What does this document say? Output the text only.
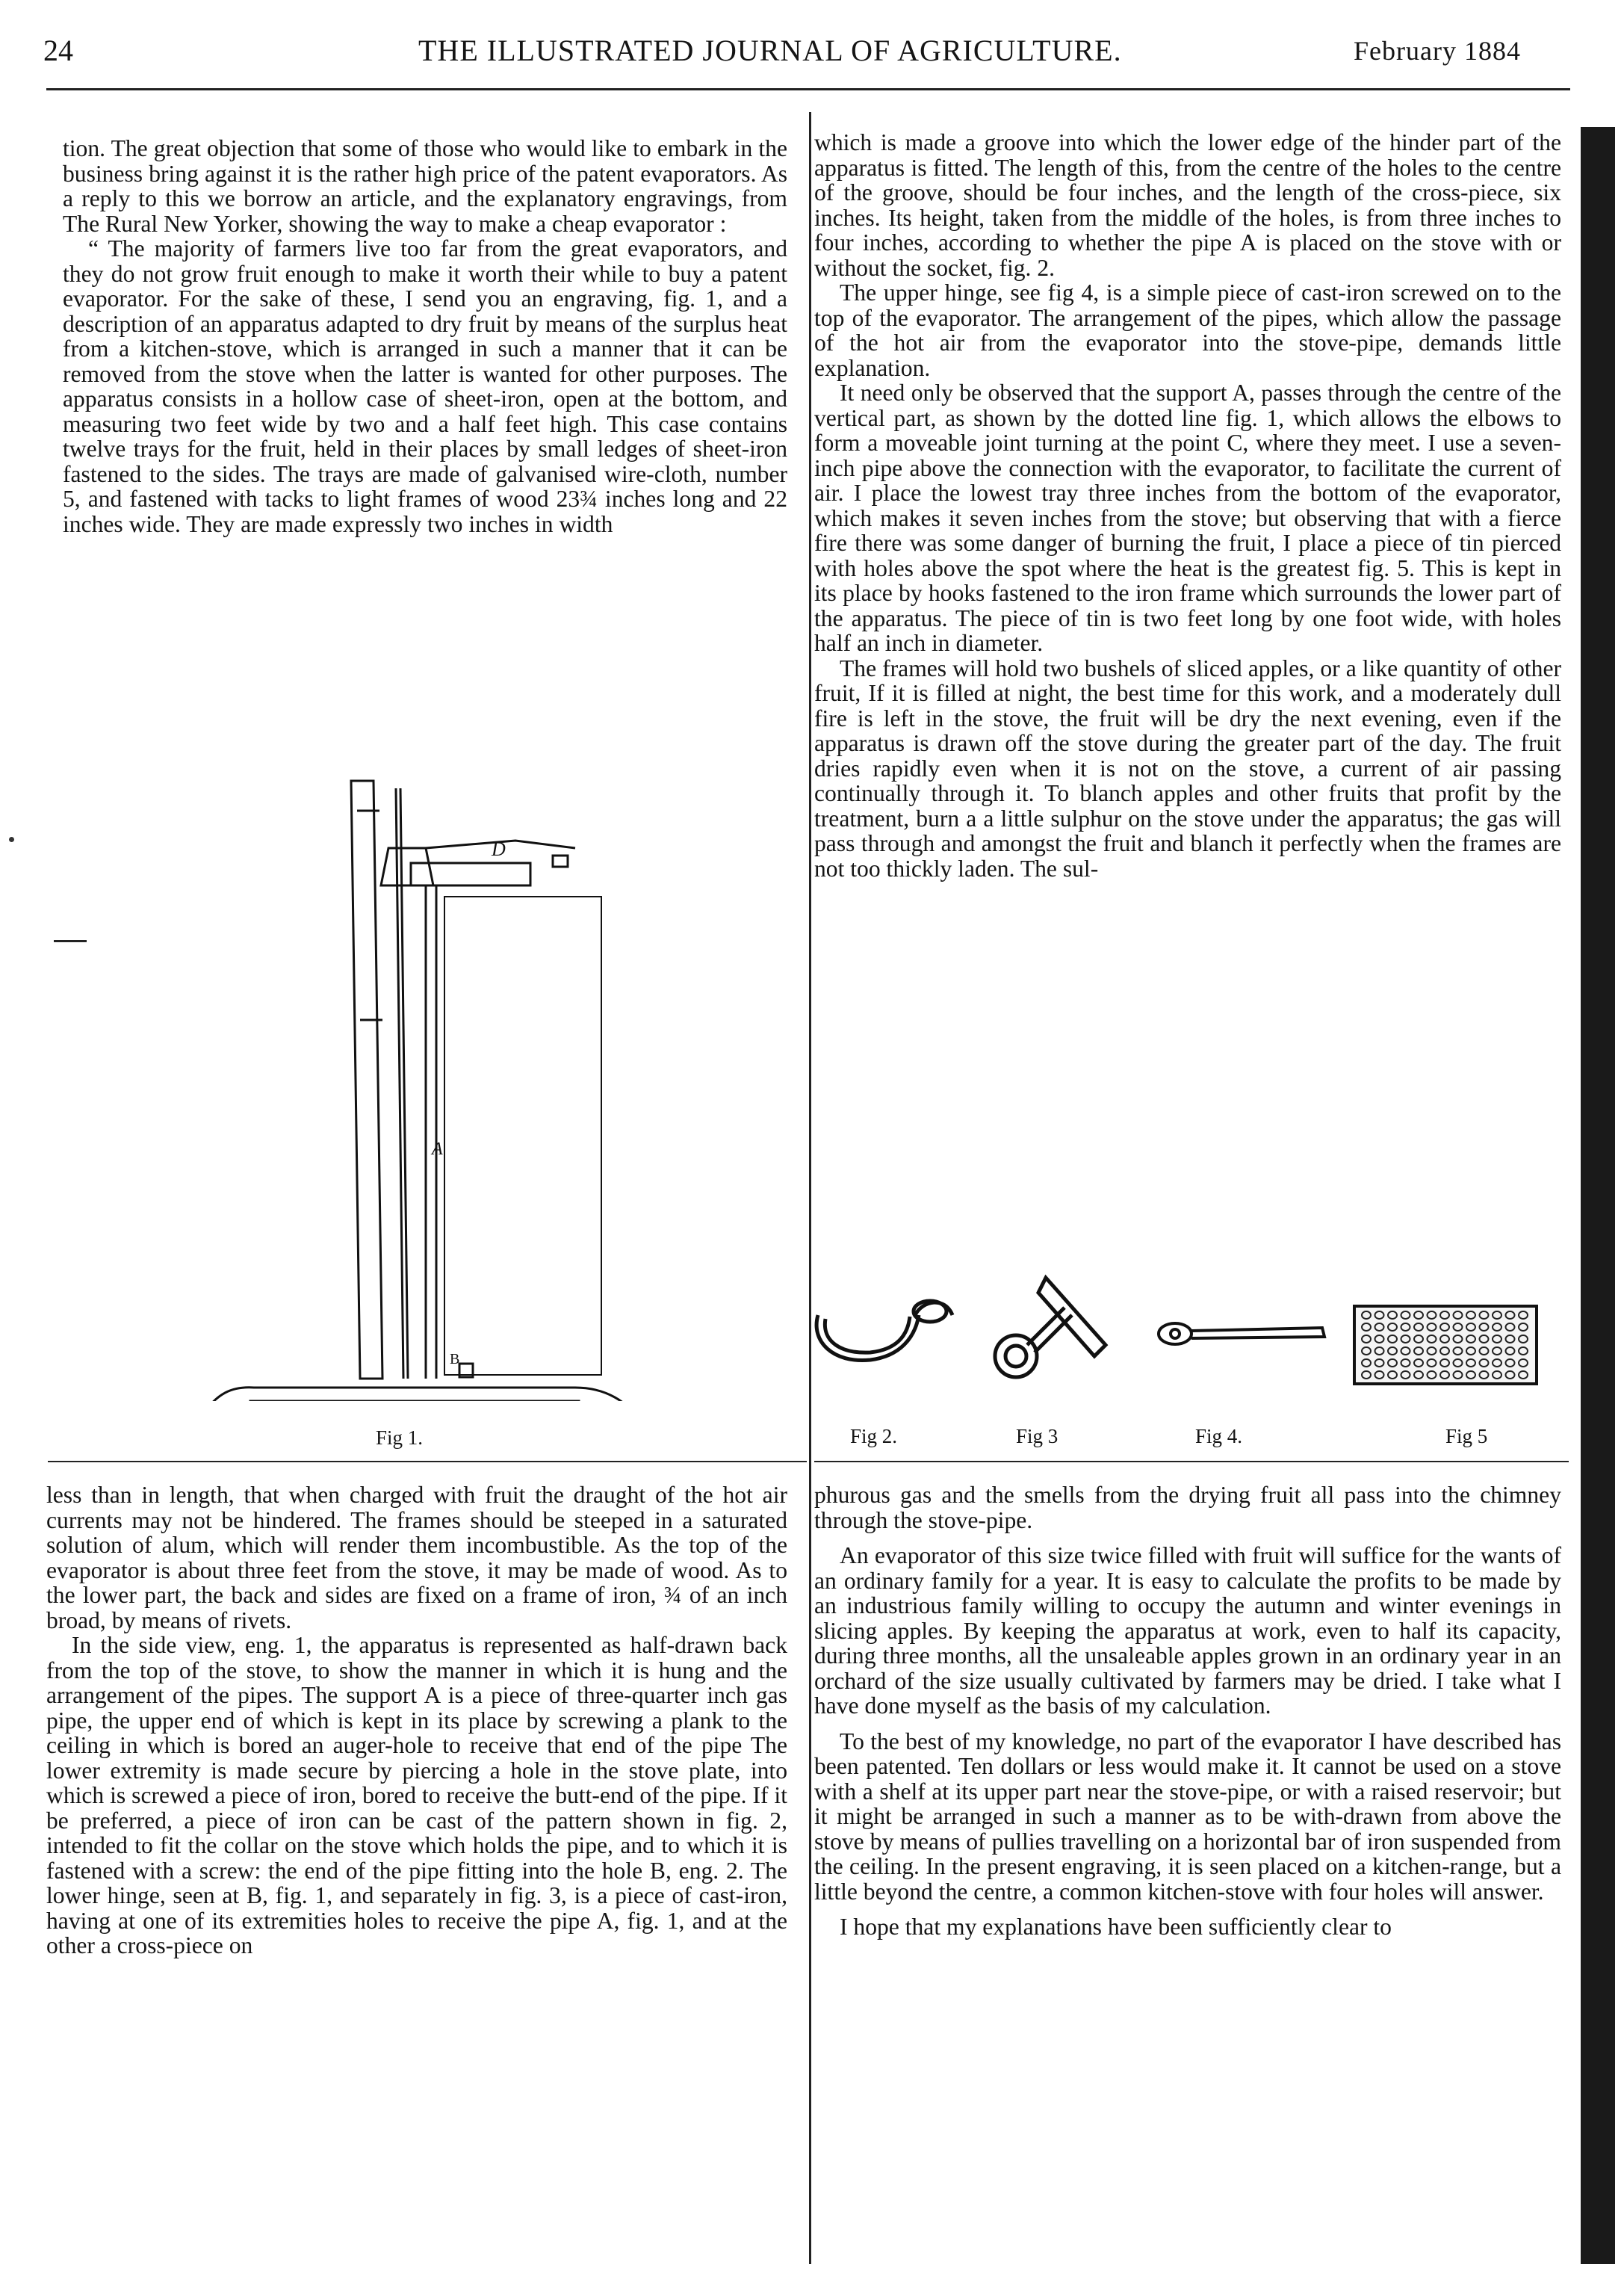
24	THE ILLUSTRATED JOURNAL OF AGRICULTURE.	February 1884

tion. The great objection that some of those who would like to embark in the business bring against it is the rather high price of the patent evaporators. As a reply to this we borrow an article, and the explanatory engravings, from The Rural New Yorker, showing the way to make a cheap evaporator :

“ The majority of farmers live too far from the great evaporators, and they do not grow fruit enough to make it worth their while to buy a patent evaporator. For the sake of these, I send you an engraving, fig. 1, and a description of an apparatus adapted to dry fruit by means of the surplus heat from a kitchen-stove, which is arranged in such a manner that it can be removed from the stove when the latter is wanted for other purposes. The apparatus consists in a hollow case of sheet-iron, open at the bottom, and measuring two feet wide by two and a half feet high. This case contains twelve trays for the fruit, held in their places by small ledges of sheet-iron fastened to the sides. The trays are made of galvanised wire-cloth, number 5, and fastened with tacks to light frames of wood 23¾ inches long and 22 inches wide. They are made expressly two inches in width

D
A
B
Fig 1.

less than in length, that when charged with fruit the draught of the hot air currents may not be hindered. The frames should be steeped in a saturated solution of alum, which will render them incombustible. As the top of the evaporator is about three feet from the stove, it may be made of wood. As to the lower part, the back and sides are fixed on a frame of iron, ¾ of an inch broad, by means of rivets.

In the side view, eng. 1, the apparatus is represented as half-drawn back from the top of the stove, to show the manner in which it is hung and the arrangement of the pipes. The support A is a piece of three-quarter inch gas pipe, the upper end of which is kept in its place by screwing a plank to the ceiling in which is bored an auger-hole to receive that end of the pipe The lower extremity is made secure by piercing a hole in the stove plate, into which is screwed a piece of iron, bored to receive the butt-end of the pipe. If it be preferred, a piece of iron can be cast of the pattern shown in fig. 2, intended to fit the collar on the stove which holds the pipe, and to which it is fastened with a screw: the end of the pipe fitting into the hole B, eng. 2. The lower hinge, seen at B, fig. 1, and separately in fig. 3, is a piece of cast-iron, having at one of its extremities holes to receive the pipe A, fig. 1, and at the other a cross-piece on

which is made a groove into which the lower edge of the hinder part of the apparatus is fitted. The length of this, from the centre of the holes to the centre of the groove, should be four inches, and the length of the cross-piece, six inches. Its height, taken from the middle of the holes, is from three inches to four inches, according to whether the pipe A is placed on the stove with or without the socket, fig. 2.

The upper hinge, see fig 4, is a simple piece of cast-iron screwed on to the top of the evaporator. The arrangement of the pipes, which allow the passage of the hot air from the evaporator into the stove-pipe, demands little explanation.

It need only be observed that the support A, passes through the centre of the vertical part, as shown by the dotted line fig. 1, which allows the elbows to form a moveable joint turning at the point C, where they meet. I use a seven-inch pipe above the connection with the evaporator, to facilitate the current of air. I place the lowest tray three inches from the bottom of the evaporator, which makes it seven inches from the stove; but observing that with a fierce fire there was some danger of burning the fruit, I place a piece of tin pierced with holes above the spot where the heat is the greatest fig. 5. This is kept in its place by hooks fastened to the iron frame which surrounds the lower part of the apparatus. The piece of tin is two feet long by one foot wide, with holes half an inch in diameter.

The frames will hold two bushels of sliced apples, or a like quantity of other fruit, If it is filled at night, the best time for this work, and a moderately dull fire is left in the stove, the fruit will be dry the next evening, even if the apparatus is drawn off the stove during the greater part of the day. The fruit dries rapidly even when it is not on the stove, a current of air passing continually through it. To blanch apples and other fruits that profit by the treatment, burn a a little sulphur on the stove under the apparatus; the gas will pass through and amongst the fruit and blanch it perfectly when the frames are not too thickly laden. The sul-

Fig 2.	Fig 3	Fig 4.	Fig 5

phurous gas and the smells from the drying fruit all pass into the chimney through the stove-pipe.

An evaporator of this size twice filled with fruit will suffice for the wants of an ordinary family for a year. It is easy to calculate the profits to be made by an industrious family willing to occupy the autumn and winter evenings in slicing apples. By keeping the apparatus at work, even to half its capacity, during three months, all the unsaleable apples grown in an ordinary year in an orchard of the size usually cultivated by farmers may be dried. I take what I have done myself as the basis of my calculation.

To the best of my knowledge, no part of the evaporator I have described has been patented. Ten dollars or less would make it. It cannot be used on a stove with a shelf at its upper part near the stove-pipe, or with a raised reservoir; but it might be arranged in such a manner as to be with-drawn from above the stove by means of pullies travelling on a horizontal bar of iron suspended from the ceiling. In the present engraving, it is seen placed on a kitchen-range, but a little beyond the centre, a common kitchen-stove with four holes will answer.

I hope that my explanations have been sufficiently clear to
